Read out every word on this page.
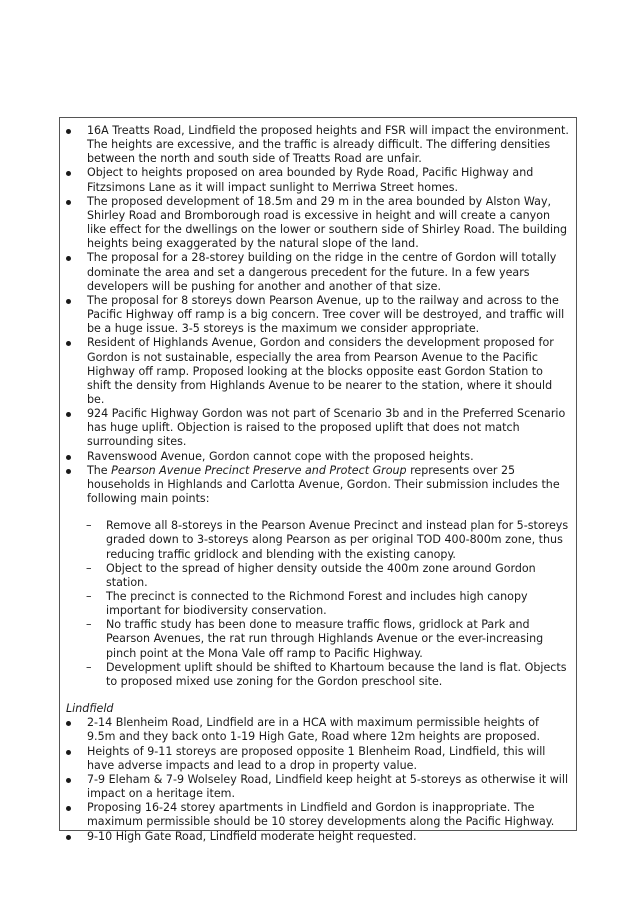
16A Treatts Road, Lindfield the proposed heights and FSR will impact the environment. The heights are excessive, and the traffic is already difficult. The differing densities between the north and south side of Treatts Road are unfair.
Object to heights proposed on area bounded by Ryde Road, Pacific Highway and Fitzsimons Lane as it will impact sunlight to Merriwa Street homes.
The proposed development of 18.5m and 29 m in the area bounded by Alston Way, Shirley Road and Bromborough road is excessive in height and will create a canyon like effect for the dwellings on the lower or southern side of Shirley Road. The building heights being exaggerated by the natural slope of the land.
The proposal for a 28-storey building on the ridge in the centre of Gordon will totally dominate the area and set a dangerous precedent for the future. In a few years developers will be pushing for another and another of that size.
The proposal for 8 storeys down Pearson Avenue, up to the railway and across to the Pacific Highway off ramp is a big concern. Tree cover will be destroyed, and traffic will be a huge issue. 3-5 storeys is the maximum we consider appropriate.
Resident of Highlands Avenue, Gordon and considers the development proposed for Gordon is not sustainable, especially the area from Pearson Avenue to the Pacific Highway off ramp. Proposed looking at the blocks opposite east Gordon Station to shift the density from Highlands Avenue to be nearer to the station, where it should be.
924 Pacific Highway Gordon was not part of Scenario 3b and in the Preferred Scenario has huge uplift. Objection is raised to the proposed uplift that does not match surrounding sites.
Ravenswood Avenue, Gordon cannot cope with the proposed heights.
The Pearson Avenue Precinct Preserve and Protect Group represents over 25 households in Highlands and Carlotta Avenue, Gordon. Their submission includes the following main points:
– Remove all 8-storeys in the Pearson Avenue Precinct and instead plan for 5-storeys graded down to 3-storeys along Pearson as per original TOD 400-800m zone, thus reducing traffic gridlock and blending with the existing canopy.
– Object to the spread of higher density outside the 400m zone around Gordon station.
– The precinct is connected to the Richmond Forest and includes high canopy important for biodiversity conservation.
– No traffic study has been done to measure traffic flows, gridlock at Park and Pearson Avenues, the rat run through Highlands Avenue or the ever-increasing pinch point at the Mona Vale off ramp to Pacific Highway.
– Development uplift should be shifted to Khartoum because the land is flat. Objects to proposed mixed use zoning for the Gordon preschool site.
Lindfield
2-14 Blenheim Road, Lindfield are in a HCA with maximum permissible heights of 9.5m and they back onto 1-19 High Gate, Road where 12m heights are proposed.
Heights of 9-11 storeys are proposed opposite 1 Blenheim Road, Lindfield, this will have adverse impacts and lead to a drop in property value.
7-9 Eleham & 7-9 Wolseley Road, Lindfield keep height at 5-storeys as otherwise it will impact on a heritage item.
Proposing 16-24 storey apartments in Lindfield and Gordon is inappropriate. The maximum permissible should be 10 storey developments along the Pacific Highway.
9-10 High Gate Road, Lindfield moderate height requested.
